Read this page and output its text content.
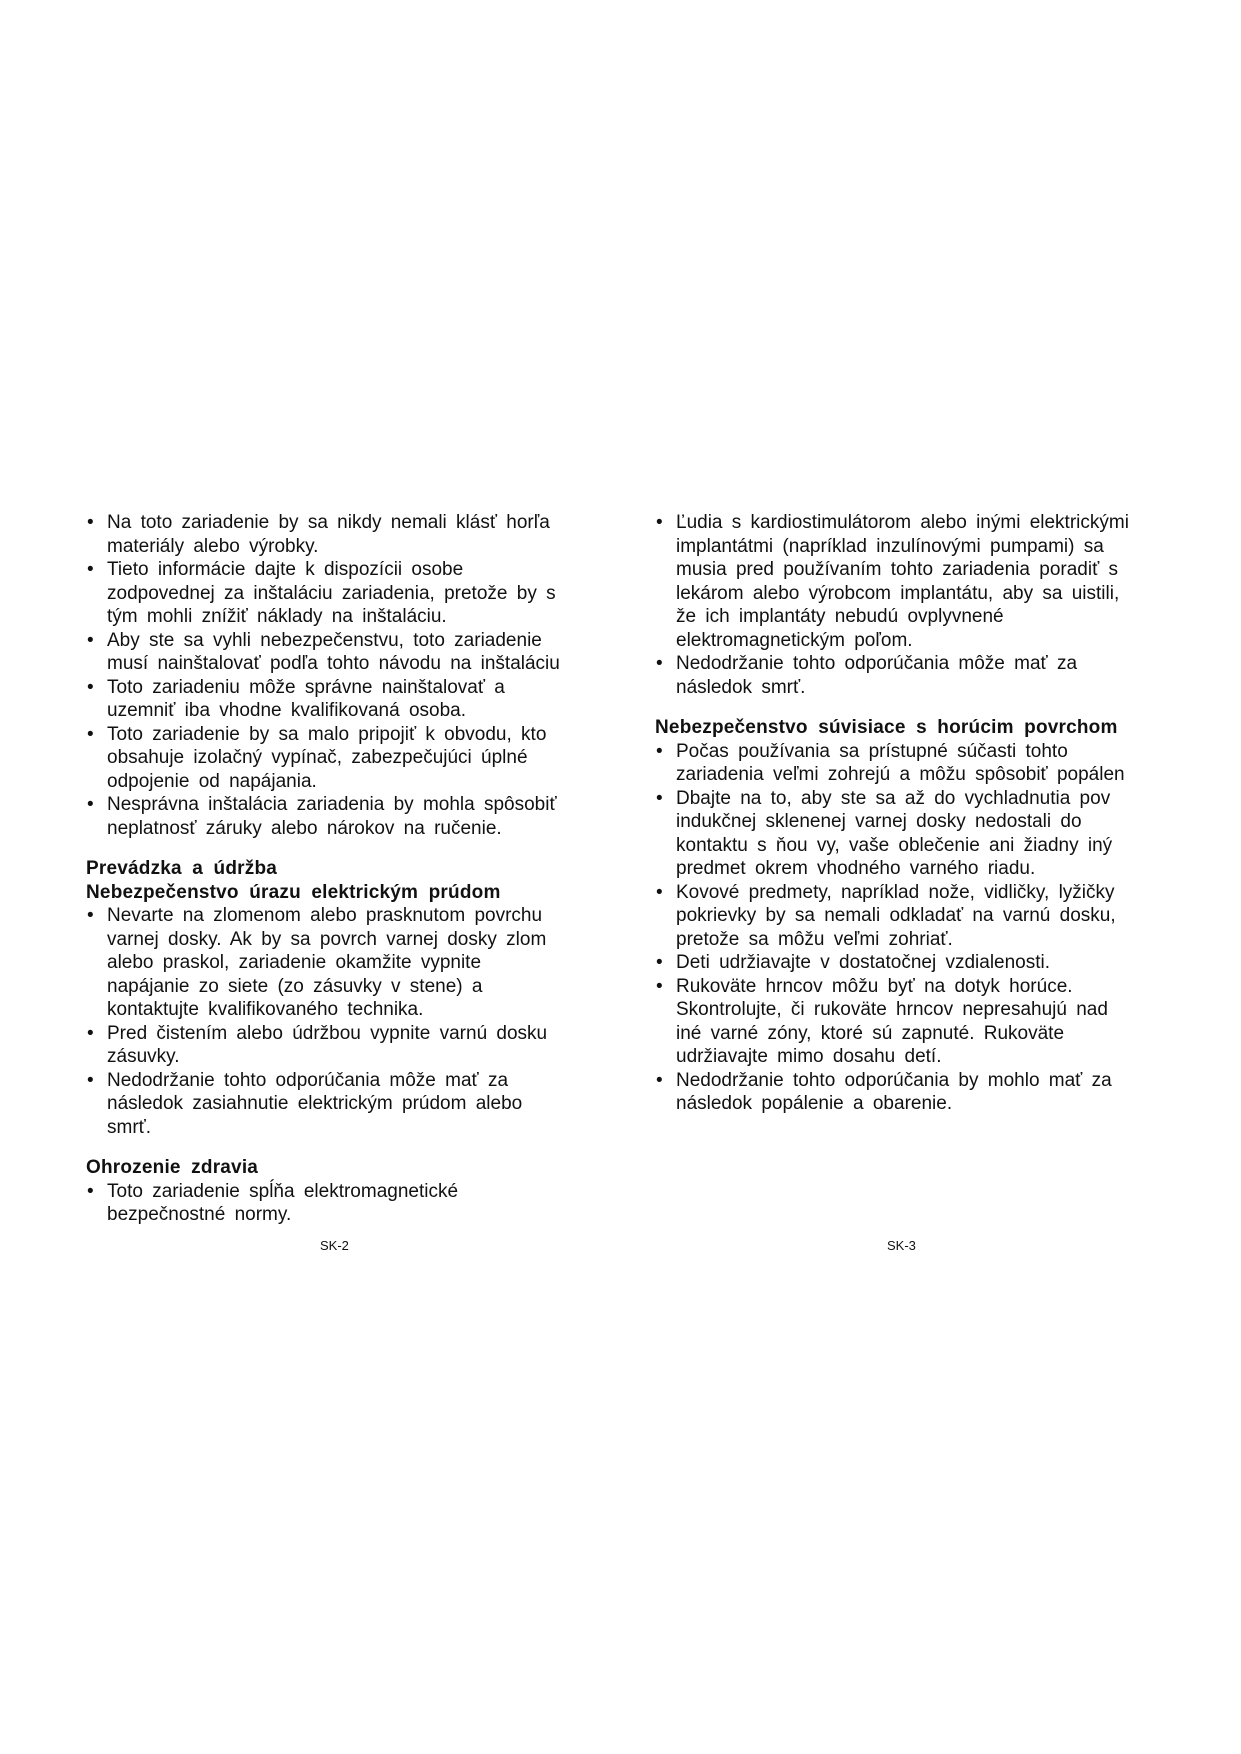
• Na toto zariadenie by sa nikdy nemali klásť horľa
materiály alebo výrobky.
• Tieto informácie dajte k dispozícii osobe
zodpovednej za inštaláciu zariadenia, pretože by s
tým mohli znížiť náklady na inštaláciu.
• Aby ste sa vyhli nebezpečenstvu, toto zariadenie
musí nainštalovať podľa tohto návodu na inštaláciu
• Toto zariadeniu môže správne nainštalovať a
uzemniť iba vhodne kvalifikovaná osoba.
• Toto zariadenie by sa malo pripojiť k obvodu, kto
obsahuje izolačný vypínač, zabezpečujúci úplné
odpojenie od napájania.
• Nesprávna inštalácia zariadenia by mohla spôsobiť
neplatnosť záruky alebo nárokov na ručenie.
Prevádzka a údržba
Nebezpečenstvo úrazu elektrickým prúdom
• Nevarte na zlomenom alebo prasknutom povrchu
varnej dosky. Ak by sa povrch varnej dosky zlom
alebo praskol, zariadenie okamžite vypnite
napájanie zo siete (zo zásuvky v stene) a
kontaktujte kvalifikovaného technika.
• Pred čistením alebo údržbou vypnite varnú dosku
zásuvky.
• Nedodržanie tohto odporúčania môže mať za
následok zasiahnutie elektrickým prúdom alebo
smrť.
Ohrozenie zdravia
• Toto zariadenie spĺňa elektromagnetické
bezpečnostné normy.
• Ľudia s kardiostimulátorom alebo inými elektrickými
implantátmi (napríklad inzulínovými pumpami) sa
musia pred používaním tohto zariadenia poradiť s
lekárom alebo výrobcom implantátu, aby sa uistili,
že ich implantáty nebudú ovplyvnené
elektromagnetickým poľom.
• Nedodržanie tohto odporúčania môže mať za
následok smrť.
Nebezpečenstvo súvisiace s horúcim povrchom
• Počas používania sa prístupné súčasti tohto
zariadenia veľmi zohrejú a môžu spôsobiť popálen
• Dbajte na to, aby ste sa až do vychladnutia pov
indukčnej sklenenej varnej dosky nedostali do
kontaktu s ňou vy, vaše oblečenie ani žiadny iný
predmet okrem vhodného varného riadu.
• Kovové predmety, napríklad nože, vidličky, lyžičky
pokrievky by sa nemali odkladať na varnú dosku,
pretože sa môžu veľmi zohriať.
• Deti udržiavajte v dostatočnej vzdialenosti.
• Rukoväte hrncov môžu byť na dotyk horúce.
Skontrolujte, či rukoväte hrncov nepresahujú nad
iné varné zóny, ktoré sú zapnuté. Rukoväte
udržiavajte mimo dosahu detí.
• Nedodržanie tohto odporúčania by mohlo mať za
následok popálenie a obarenie.
SK-2	SK-3
